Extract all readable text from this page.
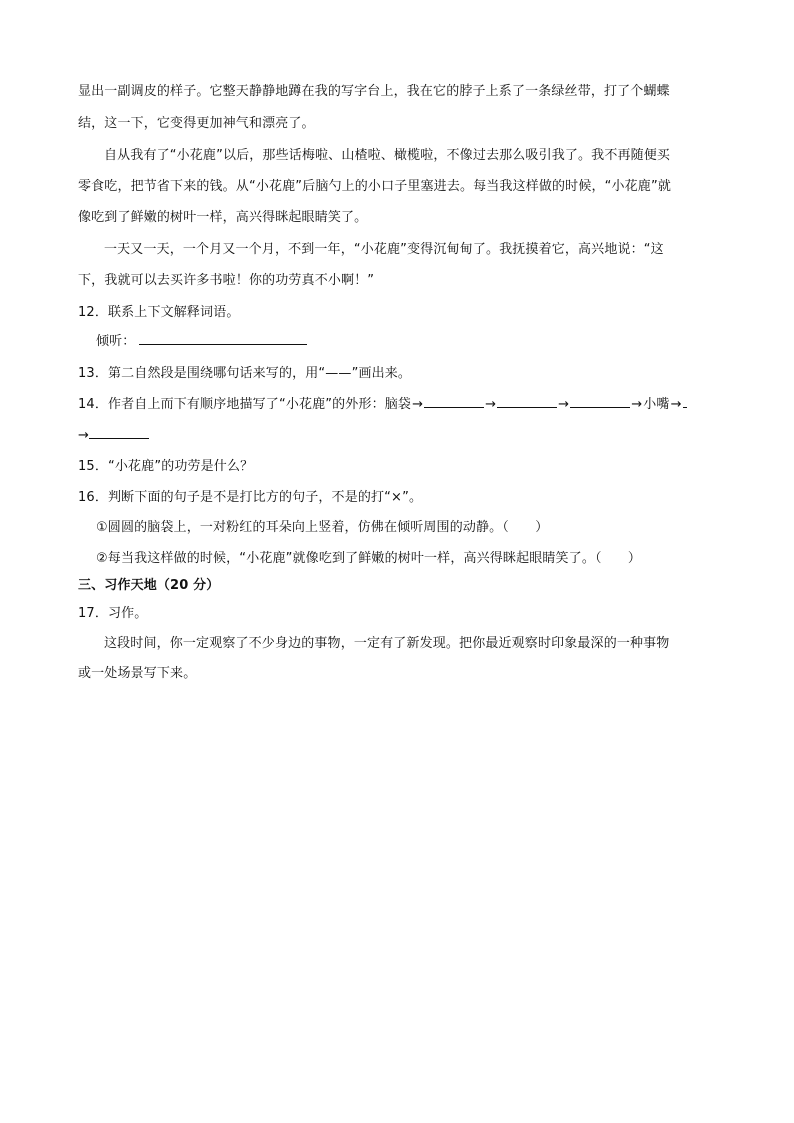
显出一副调皮的样子。它整天静静地蹲在我的写字台上，我在它的脖子上系了一条绿丝带，打了个蝴蝶
结，这一下，它变得更加神气和漂亮了。
自从我有了“小花鹿”以后，那些话梅啦、山楂啦、橄榄啦，不像过去那么吸引我了。我不再随便买
零食吃，把节省下来的钱。从“小花鹿”后脑勺上的小口子里塞进去。每当我这样做的时候，“小花鹿”就
像吃到了鲜嫩的树叶一样，高兴得眯起眼睛笑了。
一天又一天，一个月又一个月，不到一年，“小花鹿”变得沉甸甸了。我抚摸着它，高兴地说：“这
下，我就可以去买许多书啦！你的功劳真不小啊！”
12．联系上下文解释词语。
倾听：
13．第二自然段是围绕哪句话来写的，用“——”画出来。
14．作者自上而下有顺序地描写了“小花鹿”的外形：脑袋→	→	→	→小嘴→
→
15．“小花鹿”的功劳是什么？
16．判断下面的句子是不是打比方的句子，不是的打“×”。
①圆圆的脑袋上，一对粉红的耳朵向上竖着，仿佛在倾听周围的动静。（　　）
②每当我这样做的时候，“小花鹿”就像吃到了鲜嫩的树叶一样，高兴得眯起眼睛笑了。（　　）
三、习作天地（20 分）
17．习作。
这段时间，你一定观察了不少身边的事物，一定有了新发现。把你最近观察时印象最深的一种事物
或一处场景写下来。
